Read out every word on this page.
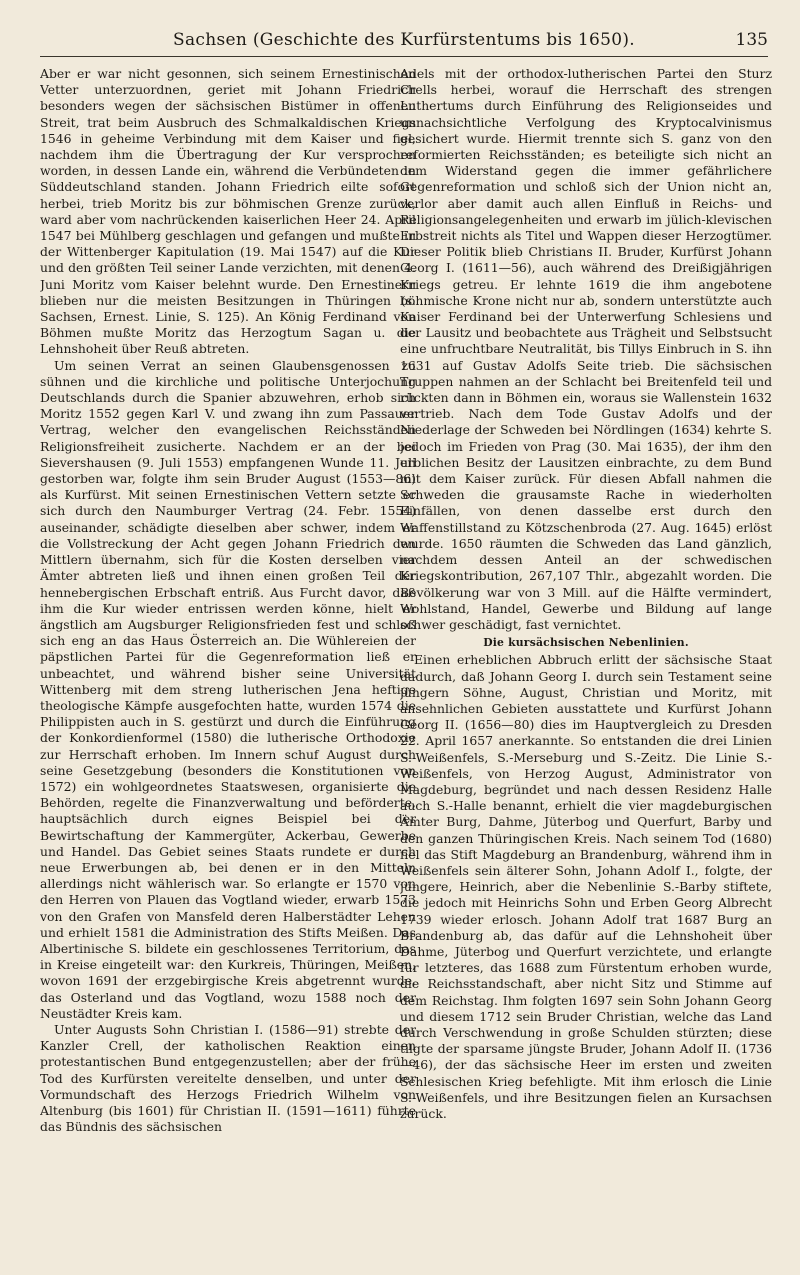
Sachsen (Geschichte des Kurfürstentums bis 1650).	135

Aber er war nicht gesonnen, sich seinem Ernestinischen Vetter unterzuordnen, geriet mit Johann Friedrich besonders wegen der sächsischen Bistümer in offenen Streit, trat beim Ausbruch des Schmalkaldischen Kriegs 1546 in geheime Verbindung mit dem Kaiser und fiel, nachdem ihm die Übertragung der Kur versprochen worden, in dessen Lande ein, während die Verbündeten in Süddeutschland standen. Johann Friedrich eilte sofort herbei, trieb Moritz bis zur böhmischen Grenze zurück, ward aber vom nachrückenden kaiserlichen Heer 24. April 1547 bei Mühlberg geschlagen und gefangen und mußte in der Wittenberger Kapitulation (19. Mai 1547) auf die Kur und den größten Teil seiner Lande verzichten, mit denen 4. Juni Moritz vom Kaiser belehnt wurde. Den Ernestinern blieben nur die meisten Besitzungen in Thüringen (s. Sachsen, Ernest. Linie, S. 125). An König Ferdinand von Böhmen mußte Moritz das Herzogtum Sagan u. die Lehnshoheit über Reuß abtreten.

Um seinen Verrat an seinen Glaubensgenossen zu sühnen und die kirchliche und politische Unterjochung Deutschlands durch die Spanier abzuwehren, erhob sich Moritz 1552 gegen Karl V. und zwang ihn zum Passauer Vertrag, welcher den evangelischen Reichsständen Religionsfreiheit zusicherte. Nachdem er an der bei Sievershausen (9. Juli 1553) empfangenen Wunde 11. Juli gestorben war, folgte ihm sein Bruder August (1553—86) als Kurfürst. Mit seinen Ernestinischen Vettern setzte er sich durch den Naumburger Vertrag (24. Febr. 1554) auseinander, schädigte dieselben aber schwer, indem er die Vollstreckung der Acht gegen Johann Friedrich den Mittlern übernahm, sich für die Kosten derselben vier Ämter abtreten ließ und ihnen einen großen Teil der hennebergischen Erbschaft entriß. Aus Furcht davor, daß ihm die Kur wieder entrissen werden könne, hielt er ängstlich am Augsburger Religionsfrieden fest und schloß sich eng an das Haus Österreich an. Die Wühlereien der päpstlichen Partei für die Gegenreformation ließ er unbeachtet, und während bisher seine Universität Wittenberg mit dem streng lutherischen Jena heftige theologische Kämpfe ausgefochten hatte, wurden 1574 die Philippisten auch in S. gestürzt und durch die Einführung der Konkordienformel (1580) die lutherische Orthodoxie zur Herrschaft erhoben. Im Innern schuf August durch seine Gesetzgebung (besonders die Konstitutionen von 1572) ein wohlgeordnetes Staatswesen, organisierte die Behörden, regelte die Finanzverwaltung und beförderte, hauptsächlich durch eignes Beispiel bei der Bewirtschaftung der Kammergüter, Ackerbau, Gewerbe und Handel. Das Gebiet seines Staats rundete er durch neue Erwerbungen ab, bei denen er in den Mitteln allerdings nicht wählerisch war. So erlangte er 1570 von den Herren von Plauen das Vogtland wieder, erwarb 1573 von den Grafen von Mansfeld deren Halberstädter Lehen und erhielt 1581 die Administration des Stifts Meißen. Das Albertinische S. bildete ein geschlossenes Territorium, das in Kreise eingeteilt war: den Kurkreis, Thüringen, Meißen, wovon 1691 der erzgebirgische Kreis abgetrennt wurde, das Osterland und das Vogtland, wozu 1588 noch der Neustädter Kreis kam.

Unter Augusts Sohn Christian I. (1586—91) strebte der Kanzler Crell, der katholischen Reaktion einen protestantischen Bund entgegenzustellen; aber der frühe Tod des Kurfürsten vereitelte denselben, und unter der Vormundschaft des Herzogs Friedrich Wilhelm von Altenburg (bis 1601) für Christian II. (1591—1611) führte das Bündnis des sächsischen

Adels mit der orthodox-lutherischen Partei den Sturz Crells herbei, worauf die Herrschaft des strengen Luthertums durch Einführung des Religionseides und unnachsichtliche Verfolgung des Kryptocalvinismus gesichert wurde. Hiermit trennte sich S. ganz von den reformierten Reichsständen; es beteiligte sich nicht an dem Widerstand gegen die immer gefährlichere Gegenreformation und schloß sich der Union nicht an, verlor aber damit auch allen Einfluß in Reichs- und Religionsangelegenheiten und erwarb im jülich-klevischen Erbstreit nichts als Titel und Wappen dieser Herzogtümer. Dieser Politik blieb Christians II. Bruder, Kurfürst Johann Georg I. (1611—56), auch während des Dreißigjährigen Kriegs getreu. Er lehnte 1619 die ihm angebotene böhmische Krone nicht nur ab, sondern unterstützte auch Kaiser Ferdinand bei der Unterwerfung Schlesiens und der Lausitz und beobachtete aus Trägheit und Selbstsucht eine unfruchtbare Neutralität, bis Tillys Einbruch in S. ihn 1631 auf Gustav Adolfs Seite trieb. Die sächsischen Truppen nahmen an der Schlacht bei Breitenfeld teil und rückten dann in Böhmen ein, woraus sie Wallenstein 1632 vertrieb. Nach dem Tode Gustav Adolfs und der Niederlage der Schweden bei Nördlingen (1634) kehrte S. jedoch im Frieden von Prag (30. Mai 1635), der ihm den erblichen Besitz der Lausitzen einbrachte, zu dem Bund mit dem Kaiser zurück. Für diesen Abfall nahmen die Schweden die grausamste Rache in wiederholten Einfällen, von denen dasselbe erst durch den Waffenstillstand zu Kötzschenbroda (27. Aug. 1645) erlöst wurde. 1650 räumten die Schweden das Land gänzlich, nachdem dessen Anteil an der schwedischen Kriegskontribution, 267,107 Thlr., abgezahlt worden. Die Bevölkerung war von 3 Mill. auf die Hälfte vermindert, Wohlstand, Handel, Gewerbe und Bildung auf lange schwer geschädigt, fast vernichtet.

Die kursächsischen Nebenlinien.

Einen erheblichen Abbruch erlitt der sächsische Staat dadurch, daß Johann Georg I. durch sein Testament seine jüngern Söhne, August, Christian und Moritz, mit ansehnlichen Gebieten ausstattete und Kurfürst Johann Georg II. (1656—80) dies im Hauptvergleich zu Dresden 22. April 1657 anerkannte. So entstanden die drei Linien S.-Weißenfels, S.-Merseburg und S.-Zeitz. Die Linie S.-Weißenfels, von Herzog August, Administrator von Magdeburg, begründet und nach dessen Residenz Halle auch S.-Halle benannt, erhielt die vier magdeburgischen Ämter Burg, Dahme, Jüterbog und Querfurt, Barby und den ganzen Thüringischen Kreis. Nach seinem Tod (1680) fiel das Stift Magdeburg an Brandenburg, während ihm in Weißenfels sein älterer Sohn, Johann Adolf I., folgte, der jüngere, Heinrich, aber die Nebenlinie S.-Barby stiftete, die jedoch mit Heinrichs Sohn und Erben Georg Albrecht 1739 wieder erlosch. Johann Adolf trat 1687 Burg an Brandenburg ab, das dafür auf die Lehnshoheit über Dahme, Jüterbog und Querfurt verzichtete, und erlangte für letzteres, das 1688 zum Fürstentum erhoben wurde, die Reichsstandschaft, aber nicht Sitz und Stimme auf dem Reichstag. Ihm folgten 1697 sein Sohn Johann Georg und diesem 1712 sein Bruder Christian, welche das Land durch Verschwendung in große Schulden stürzten; diese tilgte der sparsame jüngste Bruder, Johann Adolf II. (1736—46), der das sächsische Heer im ersten und zweiten Schlesischen Krieg befehligte. Mit ihm erlosch die Linie S.-Weißenfels, und ihre Besitzungen fielen an Kursachsen zurück.
